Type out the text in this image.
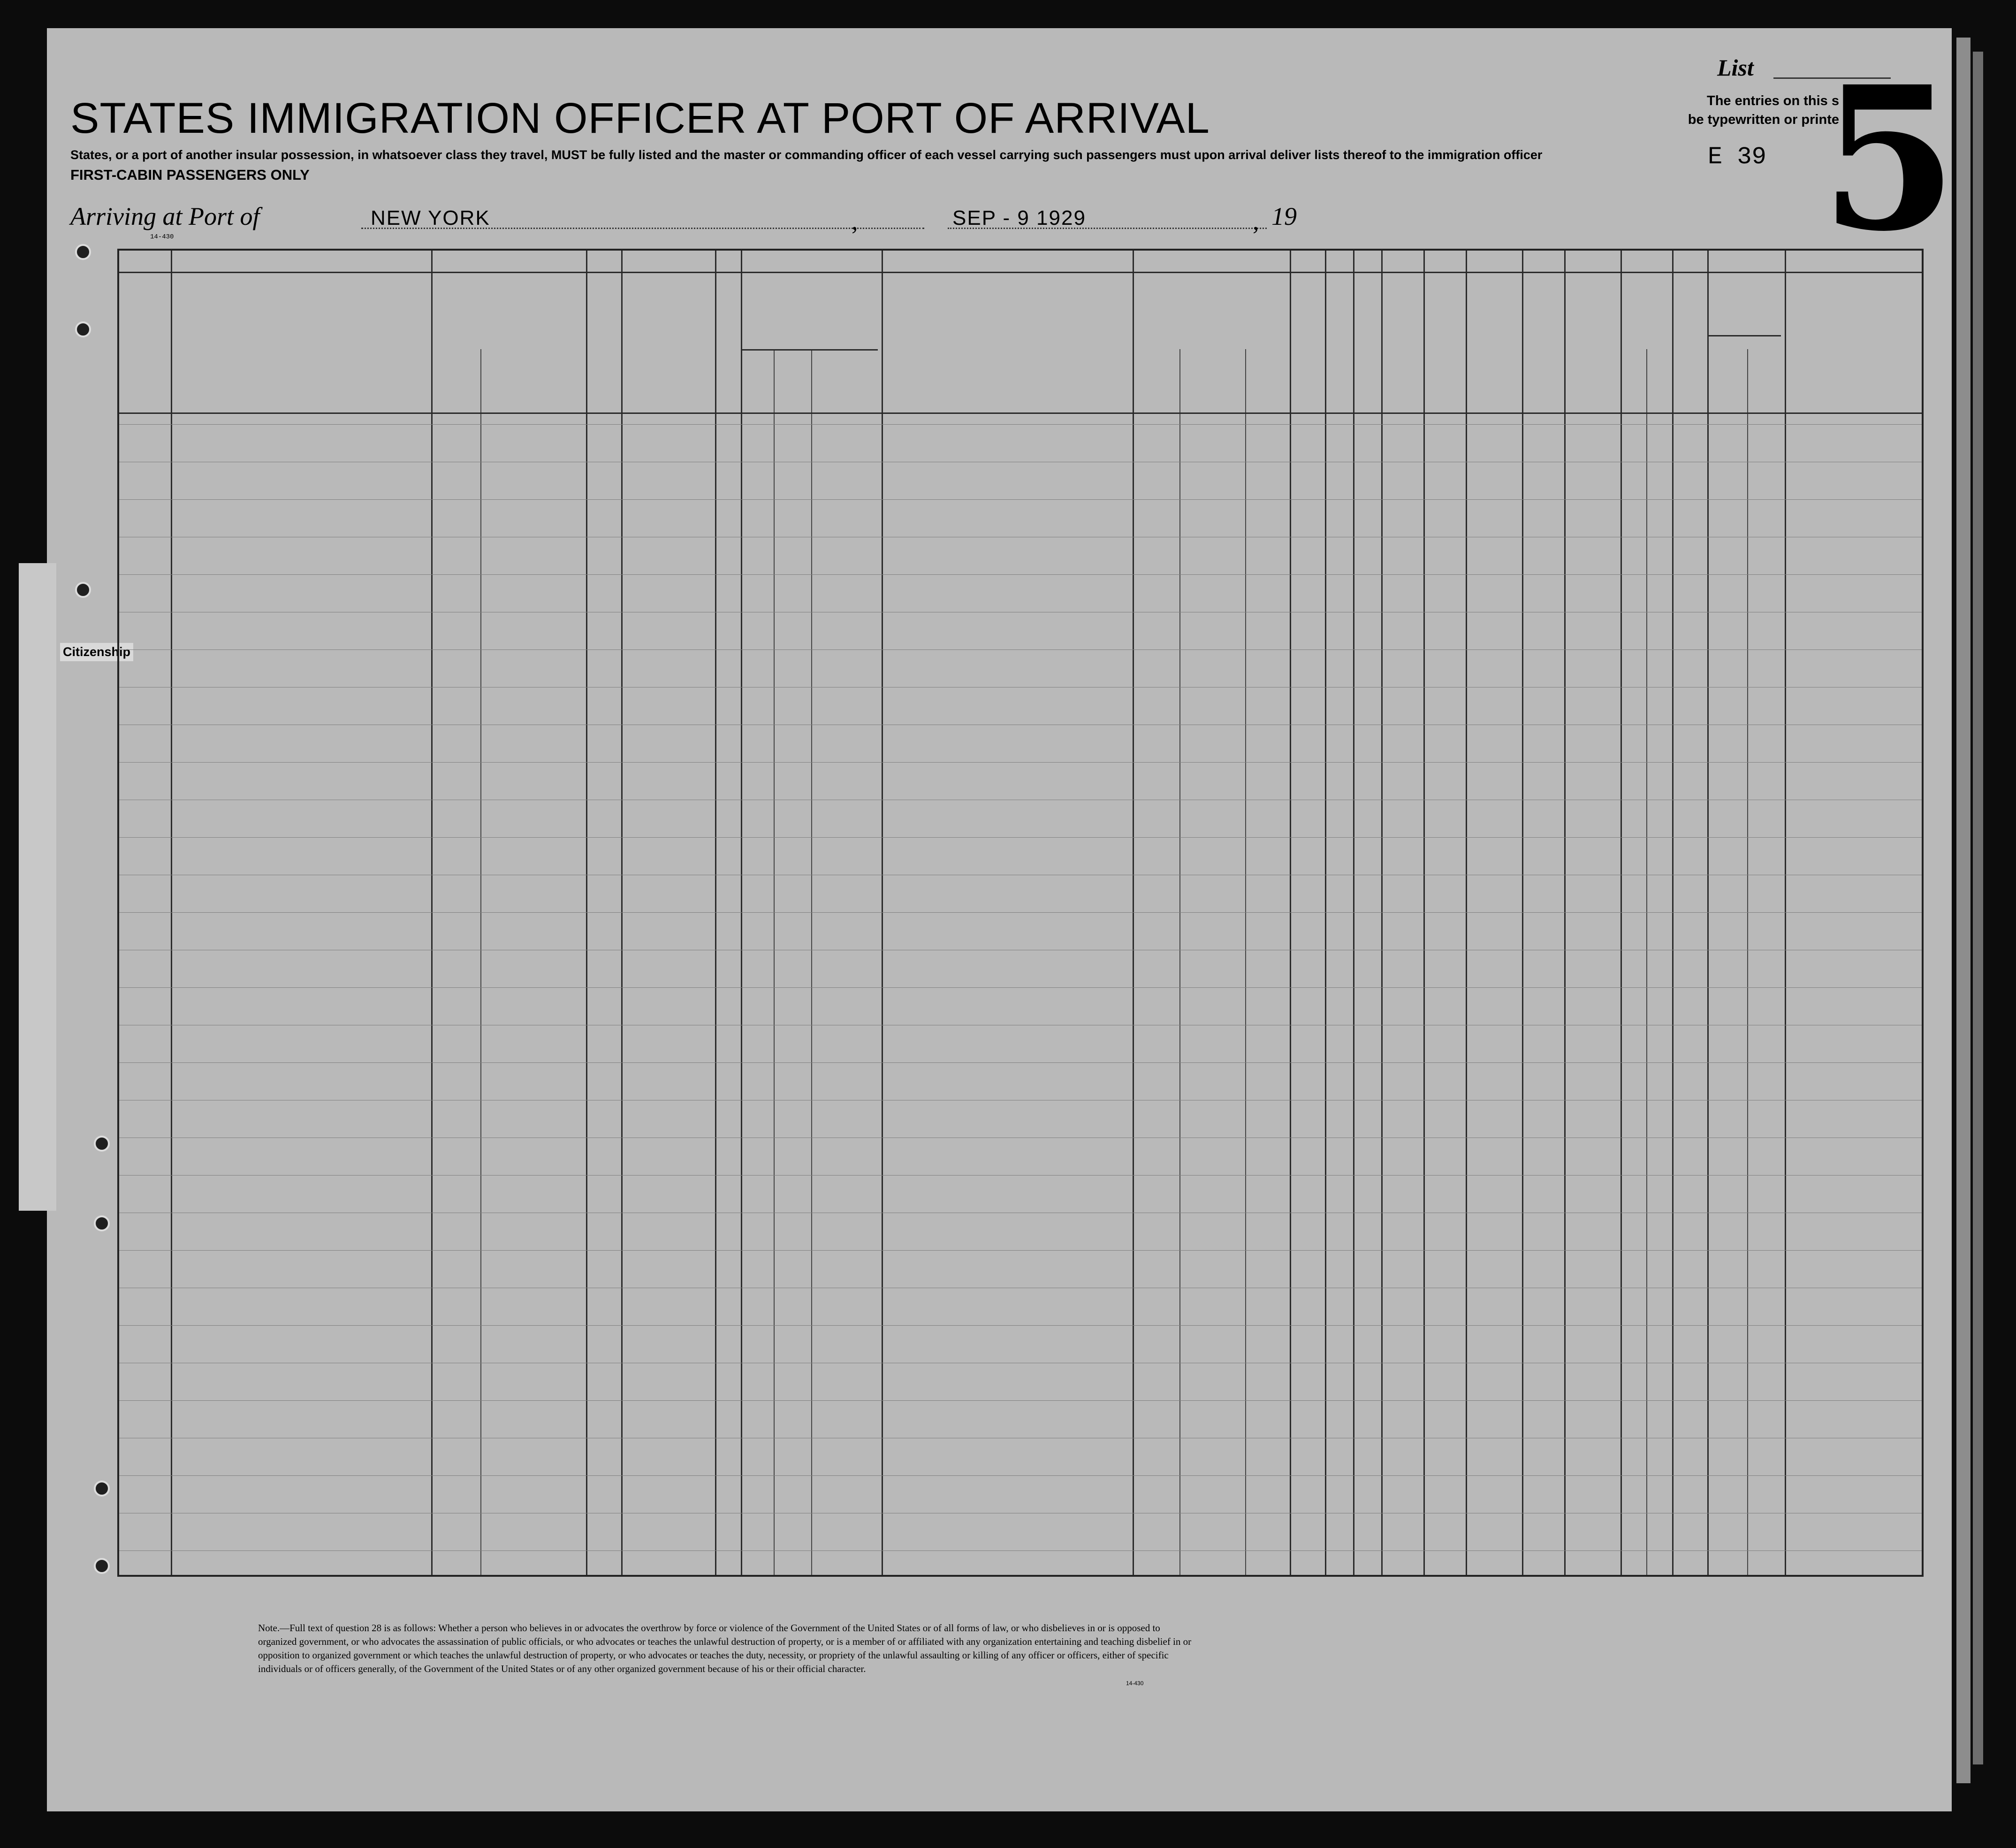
STATES IMMIGRATION OFFICER AT PORT OF ARRIVAL
States, or a port of another insular possession, in whatsoever class they travel, MUST be fully listed and the master or commanding officer of each vessel carrying such passengers must upon arrival deliver lists thereof to the immigration officer
FIRST-CABIN PASSENGERS ONLY
14-430
Arriving at Port of	NEW YORK	,	SEP - 9 1929	, 19
List
The entries on this s
be typewritten or printe
E 39 5
Citizenship
Note.—Full text of question 28 is as follows: Whether a person who believes in or advocates the overthrow by force or violence of the Government of the United States or of all forms of law, or who disbelieves in or is opposed to organized government, or who advocates the assassination of public officials, or who advocates or teaches the unlawful destruction of property, or is a member of or affiliated with any organization entertaining and teaching disbelief in or opposition to organized government or which teaches the unlawful destruction of property, or who advocates or teaches the duty, necessity, or propriety of the unlawful assaulting or killing of any officer or officers, either of specific individuals or of officers generally, of the Government of the United States or of any other organized government because of his or their official character.
14-430
